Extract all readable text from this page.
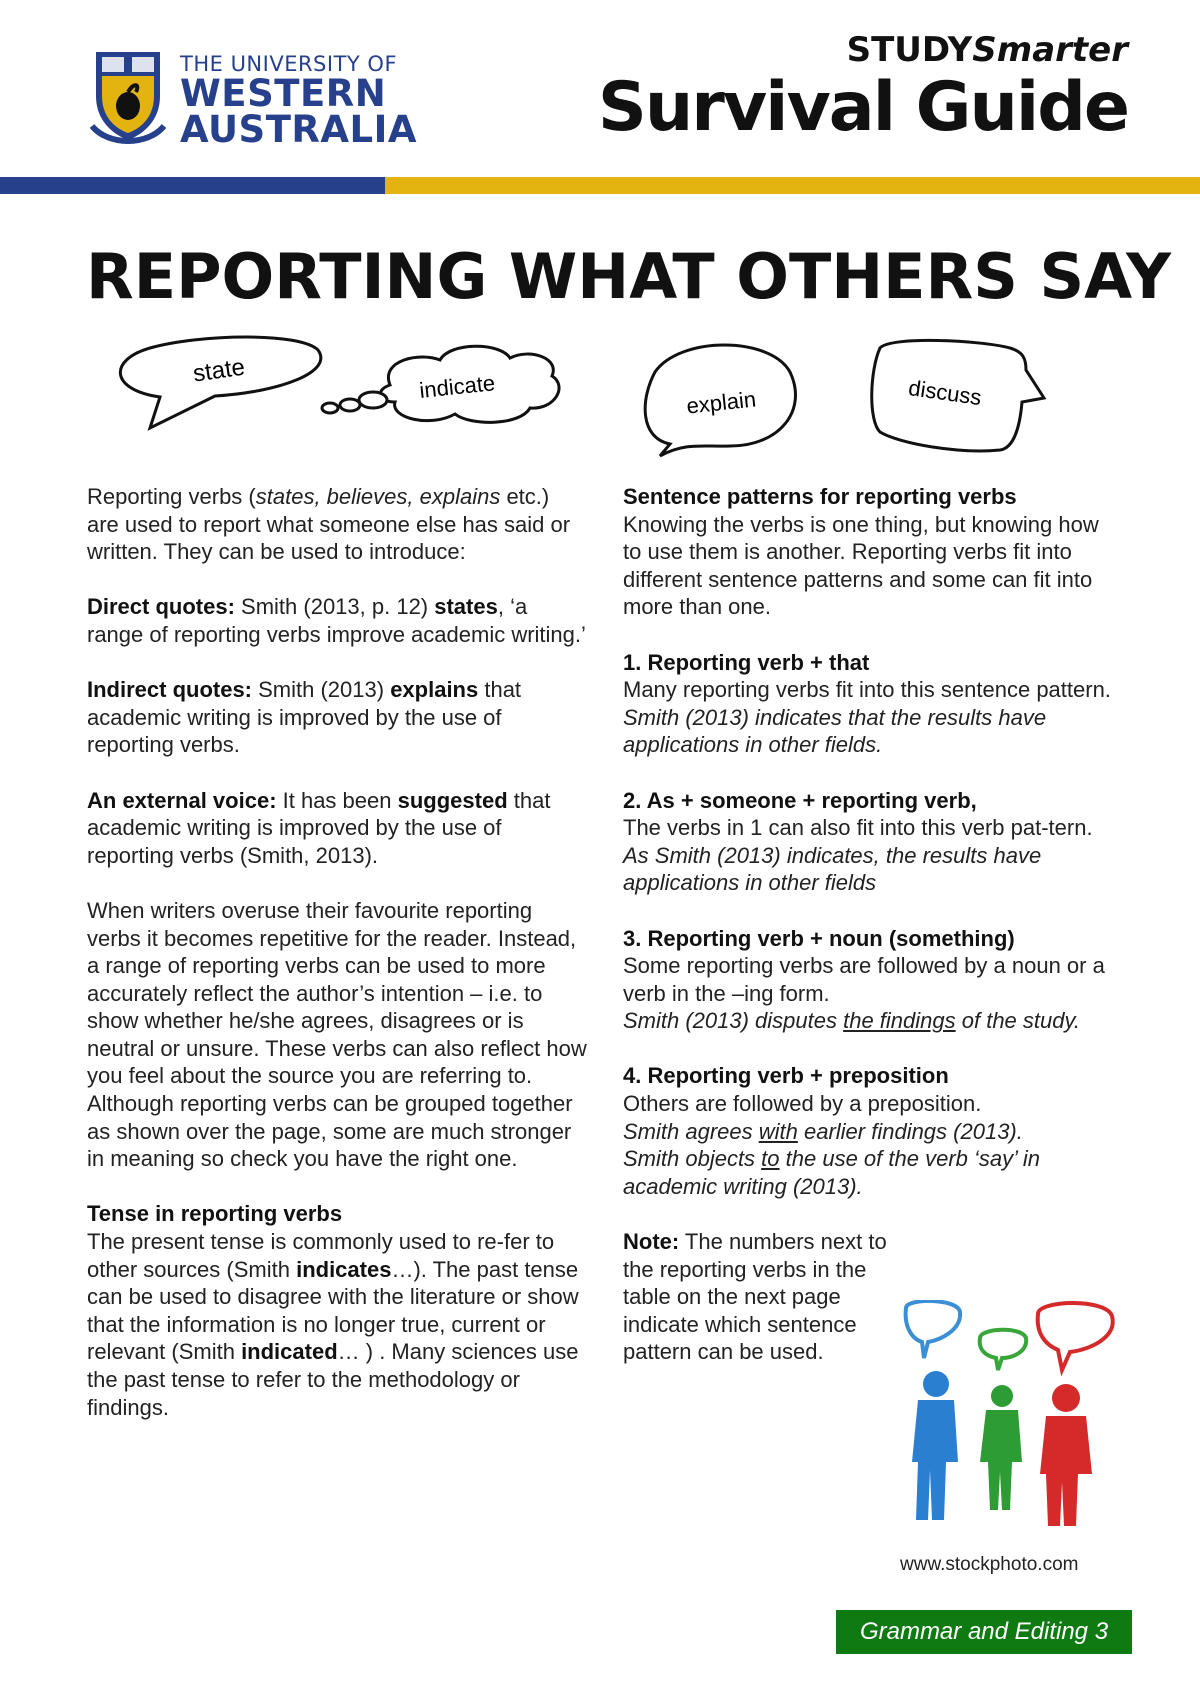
THE UNIVERSITY OF
WESTERN
AUSTRALIA
STUDYSmarter
Survival Guide
REPORTING WHAT OTHERS SAY
state	indicate	explain	discuss

Reporting verbs (states, believes, explains etc.) are used to report what someone else has said or written. They can be used to introduce:

Direct quotes: Smith (2013, p. 12) states, ‘a range of reporting verbs improve academic writing.’

Indirect quotes: Smith (2013) explains that academic writing is improved by the use of reporting verbs.

An external voice: It has been suggested that academic writing is improved by the use of reporting verbs (Smith, 2013).

When writers overuse their favourite reporting verbs it becomes repetitive for the reader. Instead, a range of reporting verbs can be used to more accurately reflect the author’s intention – i.e. to show whether he/she agrees, disagrees or is neutral or unsure. These verbs can also reflect how you feel about the source you are referring to. Although reporting verbs can be grouped together as shown over the page, some are much stronger in meaning so check you have the right one.

Tense in reporting verbs
The present tense is commonly used to re-fer to other sources (Smith indicates…). The past tense can be used to disagree with the literature or show that the information is no longer true, current or relevant (Smith indicated… ) . Many sciences use the past tense to refer to the methodology or findings.

Sentence patterns for reporting verbs
Knowing the verbs is one thing, but knowing how to use them is another. Reporting verbs fit into different sentence patterns and some can fit into more than one.

1. Reporting verb + that
Many reporting verbs fit into this sentence pattern.
Smith (2013) indicates that the results have applications in other fields.

2. As + someone + reporting verb,
The verbs in 1 can also fit into this verb pat-tern.
As Smith (2013) indicates, the results have applications in other fields

3. Reporting verb + noun (something)
Some reporting verbs are followed by a noun or a verb in the –ing form.
Smith (2013) disputes the findings of the study.

4. Reporting verb + preposition
Others are followed by a preposition.
Smith agrees with earlier findings (2013).
Smith objects to the use of the verb ‘say’ in academic writing (2013).

Note: The numbers next to the reporting verbs in the table on the next page indicate which sentence pattern can be used.

www.stockphoto.com
Grammar and Editing 3
